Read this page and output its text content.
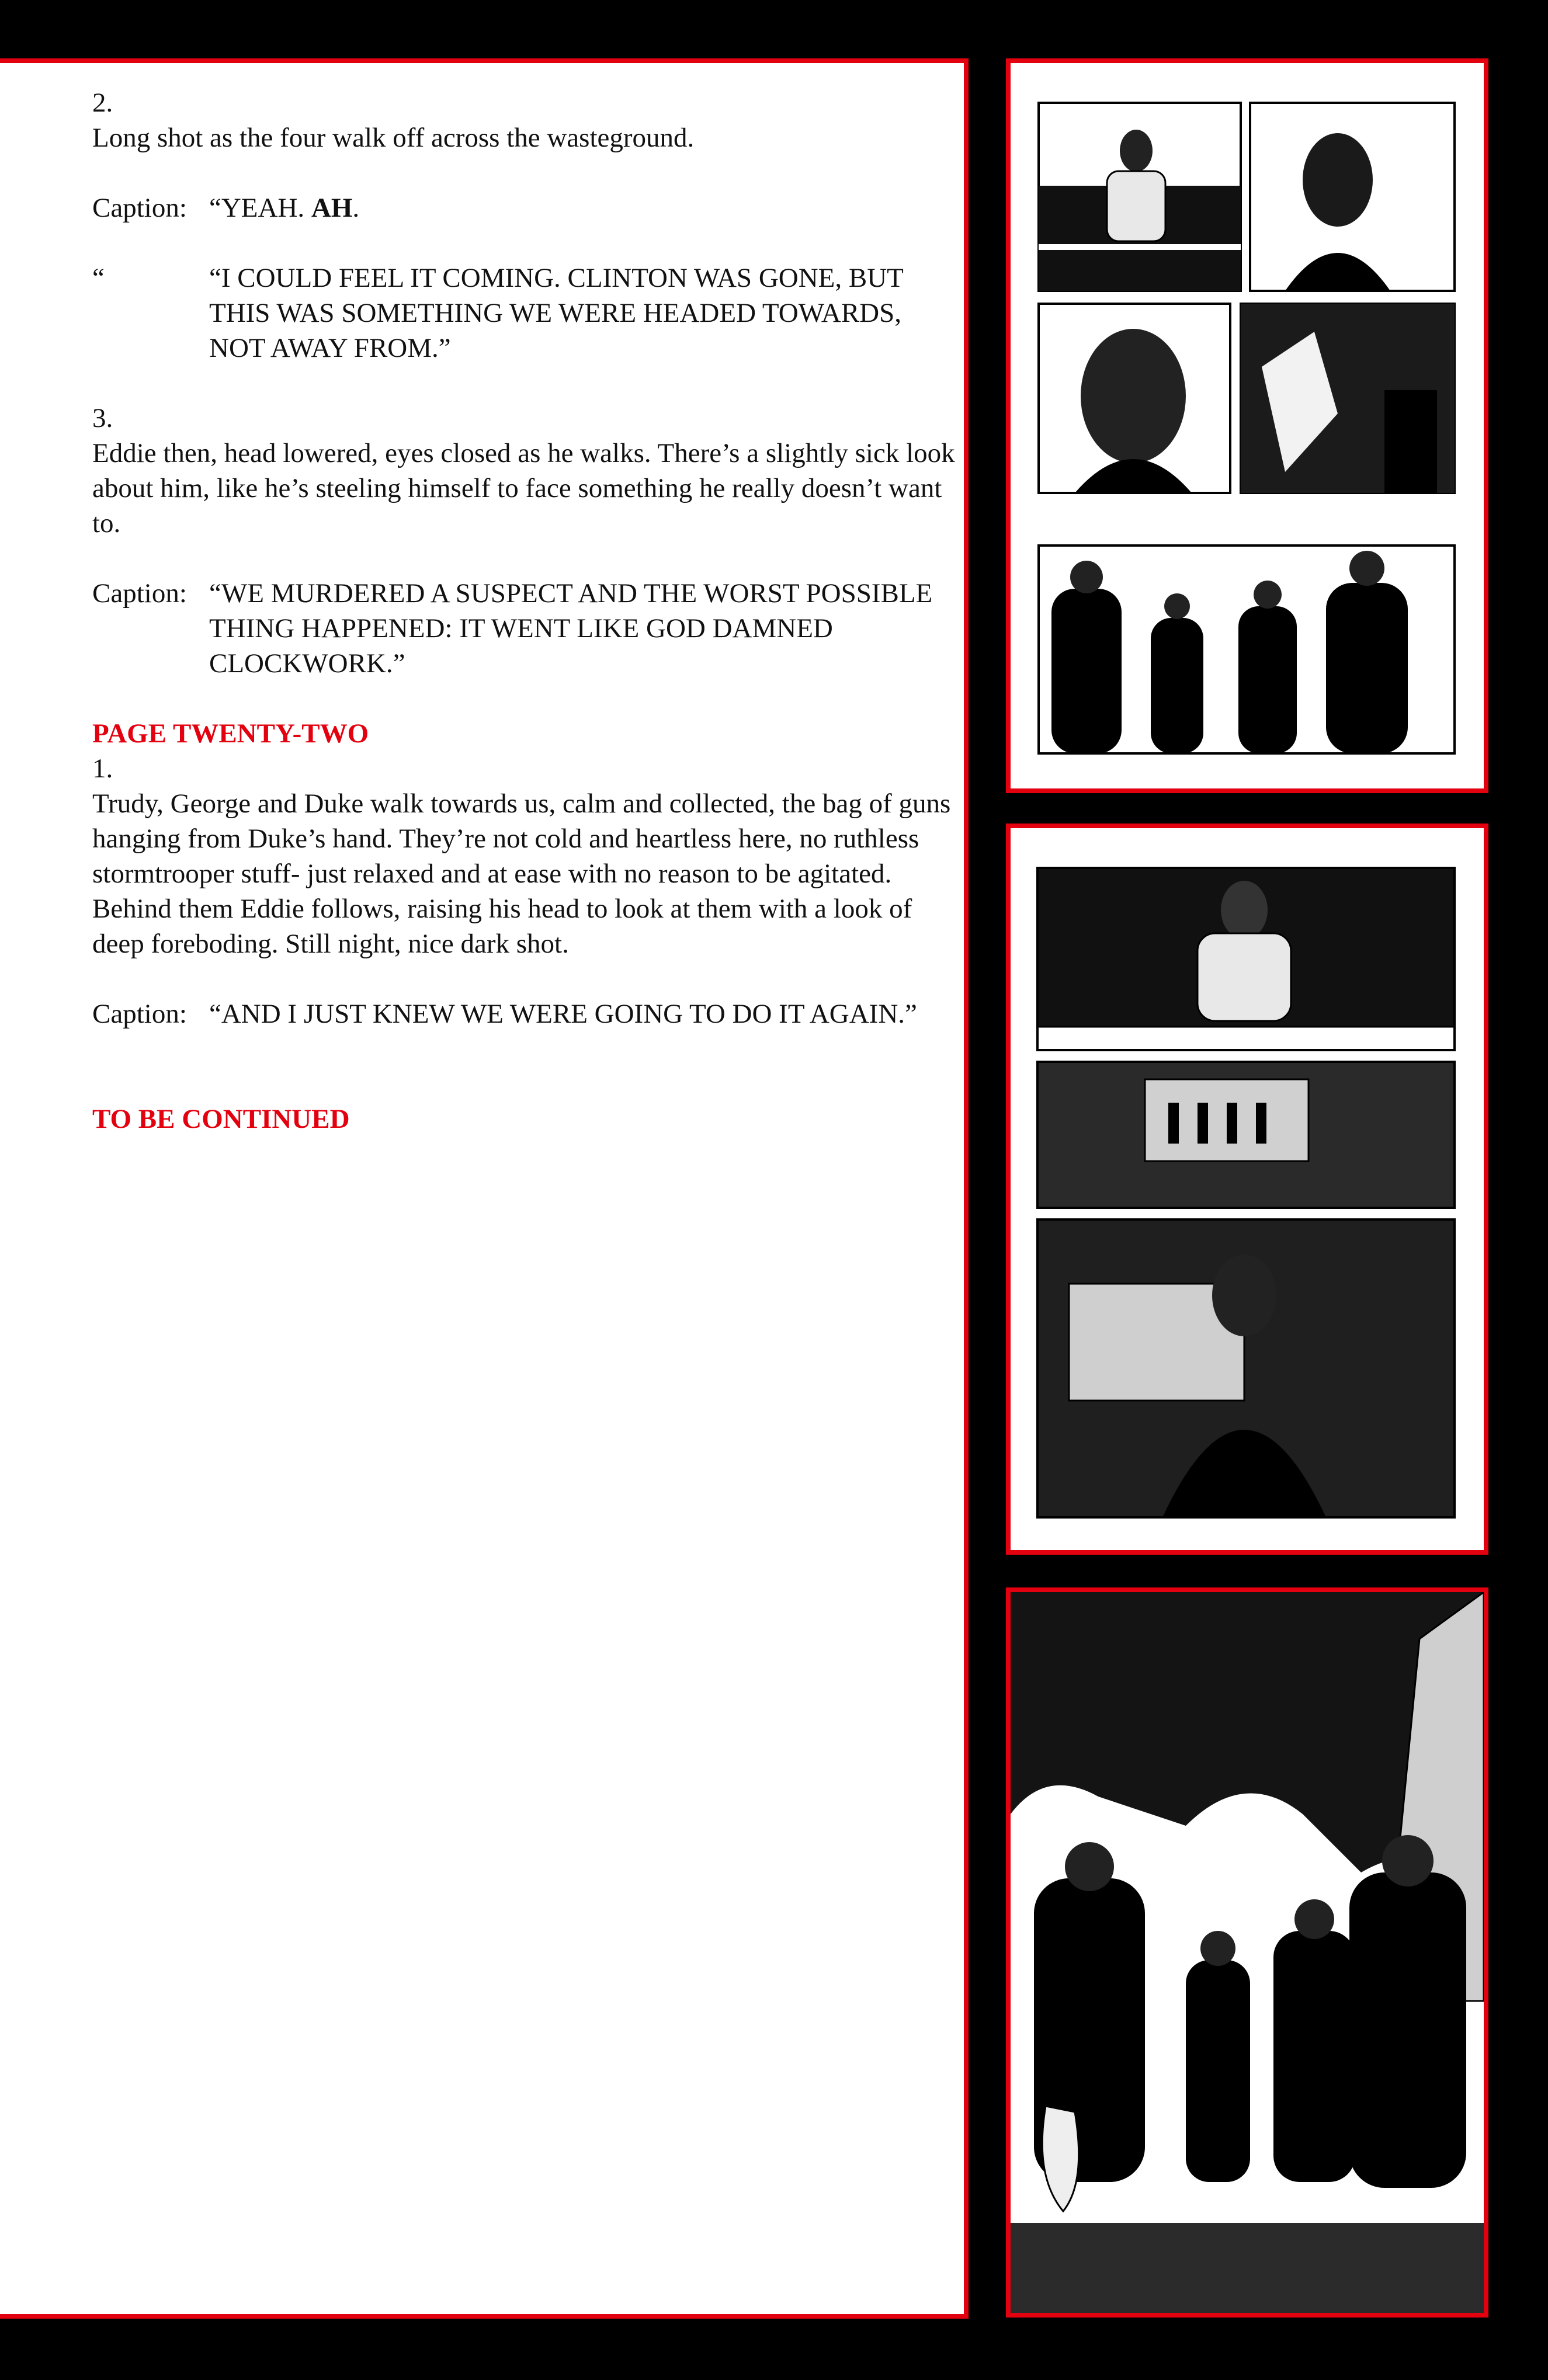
2.

Long shot as the four walk off across the wasteground.

Caption: “YEAH. AH.
“	“I COULD FEEL IT COMING. CLINTON WAS GONE, BUT THIS WAS SOMETHING WE WERE HEADED TOWARDS, NOT AWAY FROM.”

3.

Eddie then, head lowered, eyes closed as he walks. There’s a slightly sick look about him, like he’s steeling himself to face something he really doesn’t want to.

Caption: “WE MURDERED A SUSPECT AND THE WORST POSSIBLE THING HAPPENED: IT WENT LIKE GOD DAMNED CLOCKWORK.”

PAGE TWENTY-TWO

1.

Trudy, George and Duke walk towards us, calm and collected, the bag of guns hanging from Duke’s hand. They’re not cold and heartless here, no ruthless stormtrooper stuff- just relaxed and at ease with no reason to be agitated. Behind them Eddie follows, raising his head to look at them with a look of deep foreboding. Still night, nice dark shot.

Caption: “AND I JUST KNEW WE WERE GOING TO DO IT AGAIN.”

TO BE CONTINUED
